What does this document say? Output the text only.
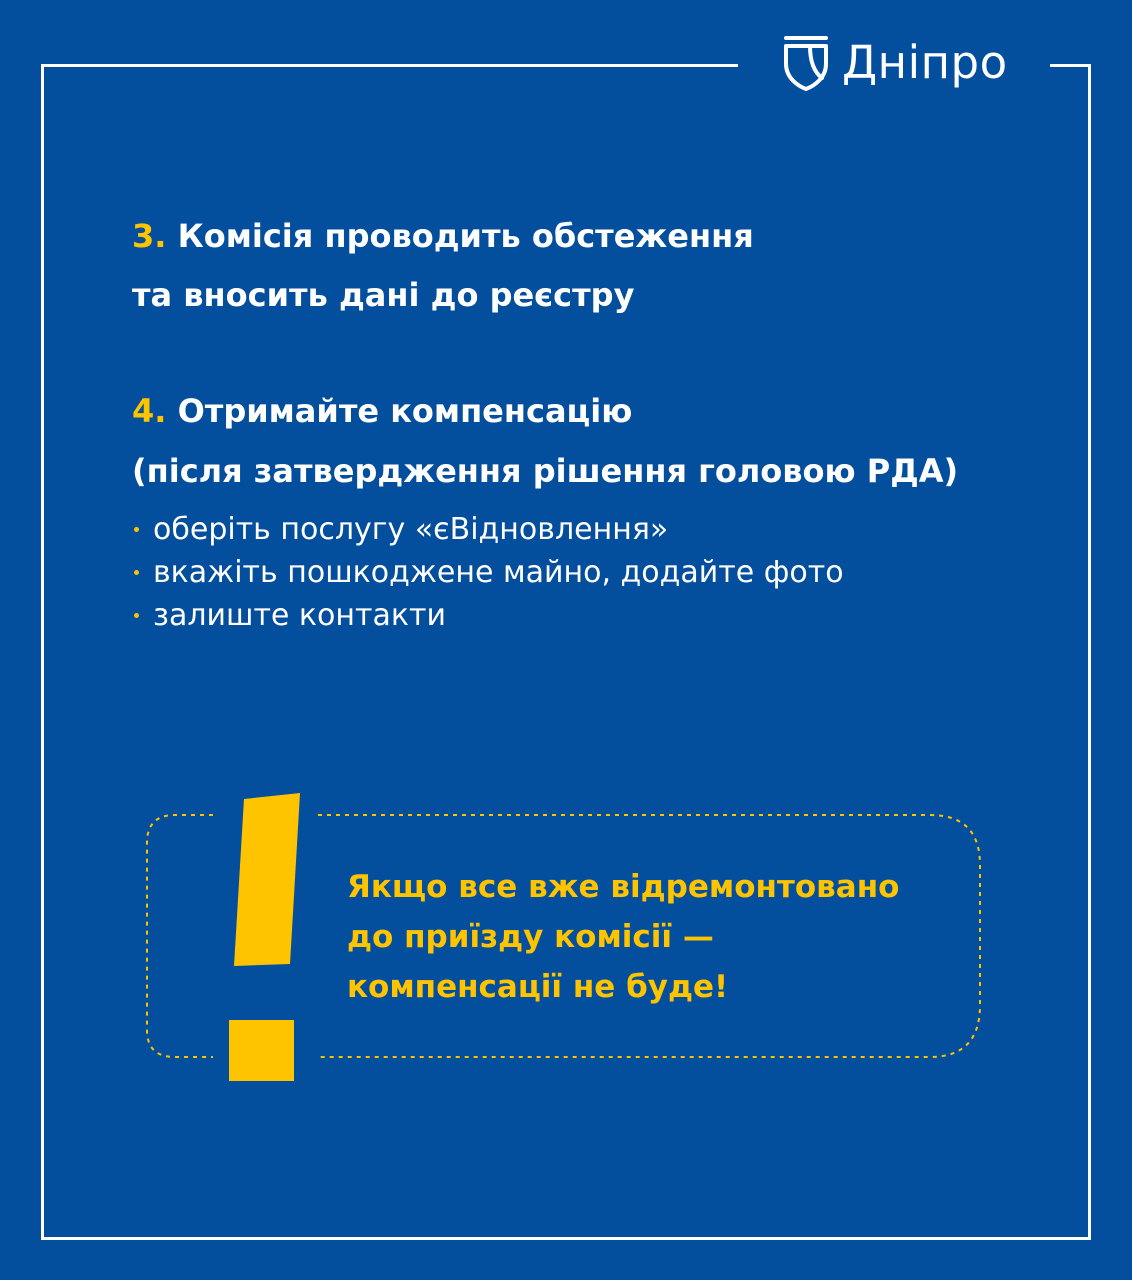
Дніпро
3. Комісія проводить обстеження
та вносить дані до реєстру
4. Отримайте компенсацію
(після затвердження рішення головою РДА)
оберіть послугу «єВідновлення»
вкажіть пошкоджене майно, додайте фото
залиште контакти
Якщо все вже відремонтовано
до приїзду комісії —
компенсації не буде!
